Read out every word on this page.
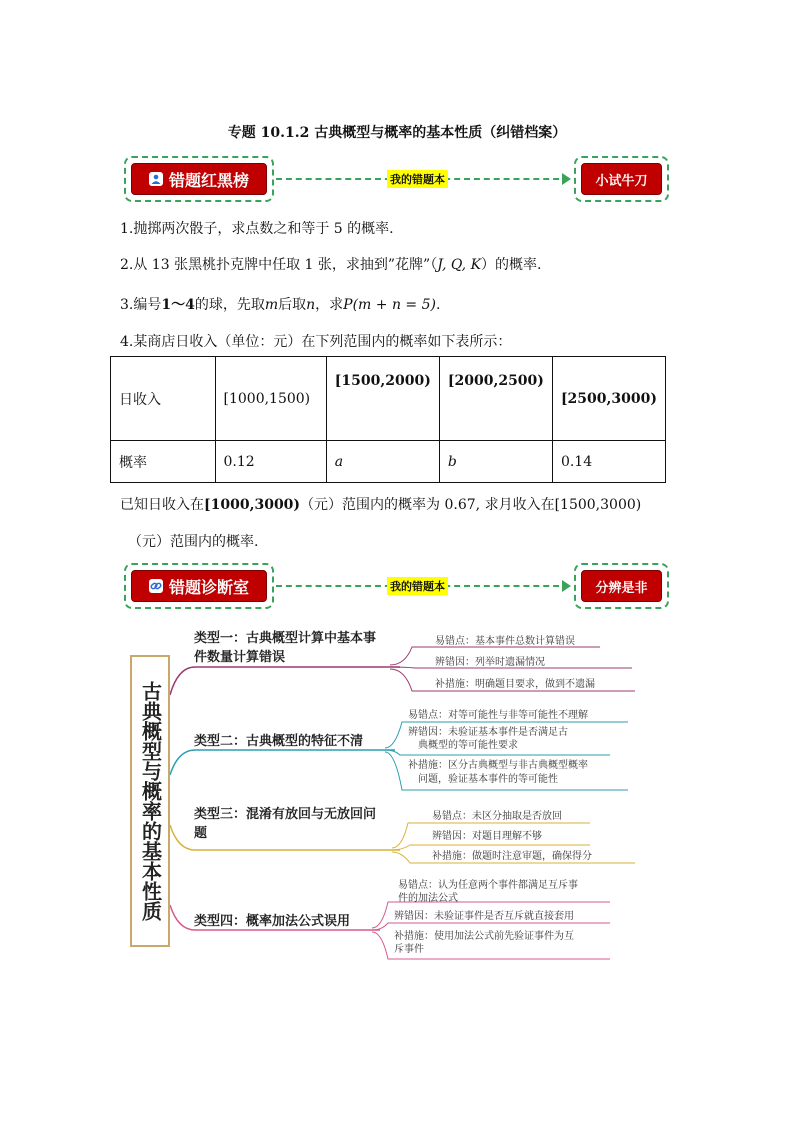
专题 10.1.2 古典概型与概率的基本性质（纠错档案）
错题红黑榜	我的错题本	小试牛刀
1.抛掷两次骰子，求点数之和等于 5 的概率.
2.从 13 张黑桃扑克牌中任取 1 张，求抽到”花牌”（J, Q, K）的概率.
3.编号1～4的球，先取m后取n，求P(m + n = 5).
4.某商店日收入（单位：元）在下列范围内的概率如下表所示：
日收入	[1000,1500)	[1500,2000)	[2000,2500)	[2500,3000)
概率	0.12	a	b	0.14
已知日收入在[1000,3000)（元）范围内的概率为 0.67, 求月收入在[1500,3000)
（元）范围内的概率.
错题诊断室	我的错题本	分辨是非
古典概型与概率的基本性质
类型一：古典概型计算中基本事
件数量计算错误
易错点：基本事件总数计算错误
辨错因：列举时遗漏情况
补措施：明确题目要求，做到不遗漏
类型二：古典概型的特征不清
易错点：对等可能性与非等可能性不理解
辨错因：未验证基本事件是否满足古
典概型的等可能性要求
补措施：区分古典概型与非古典概型概率
问题，验证基本事件的等可能性
类型三：混淆有放回与无放回问
题
易错点：未区分抽取是否放回
辨错因：对题目理解不够
补措施：做题时注意审题，确保得分
类型四：概率加法公式误用
易错点：认为任意两个事件都满足互斥事
件的加法公式
辨错因：未验证事件是否互斥就直接套用
补措施：使用加法公式前先验证事件为互
斥事件
